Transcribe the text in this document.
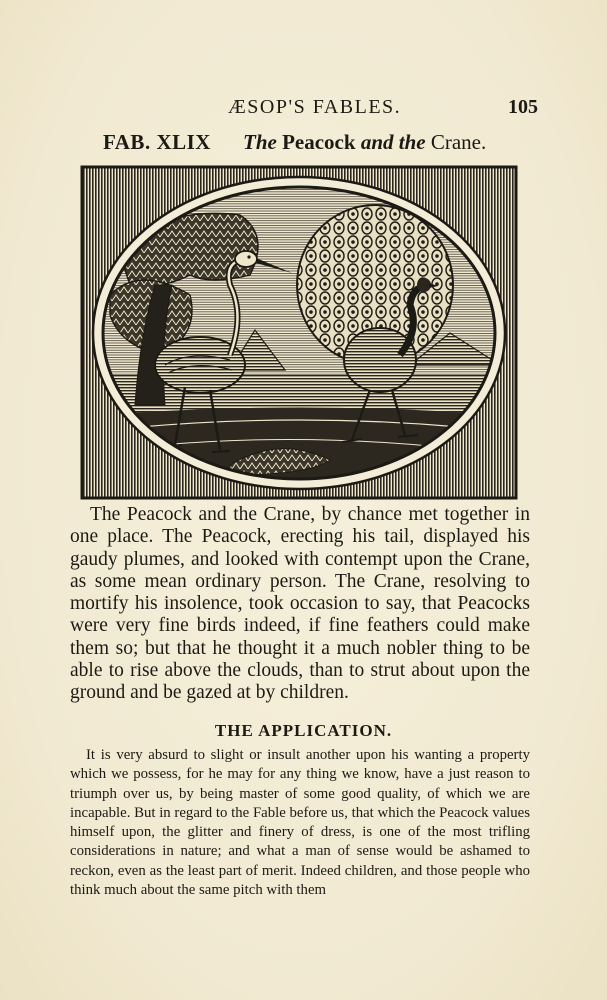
ÆSOP'S FABLES.	105
FAB. XLIX The Peacock and the Crane.

The Peacock and the Crane, by chance met together in one place. The Peacock, erecting his tail, displayed his gaudy plumes, and looked with contempt upon the Crane, as some mean ordinary person. The Crane, resolving to mortify his insolence, took occasion to say, that Peacocks were very fine birds indeed, if fine feathers could make them so; but that he thought it a much nobler thing to be able to rise above the clouds, than to strut about upon the ground and be gazed at by children.

THE APPLICATION.

It is very absurd to slight or insult another upon his wanting a property which we possess, for he may for any thing we know, have a just reason to triumph over us, by being master of some good quality, of which we are incapable. But in regard to the Fable before us, that which the Peacock values himself upon, the glitter and finery of dress, is one of the most trifling considerations in nature; and what a man of sense would be ashamed to reckon, even as the least part of merit. Indeed children, and those people who think much about the same pitch with them
